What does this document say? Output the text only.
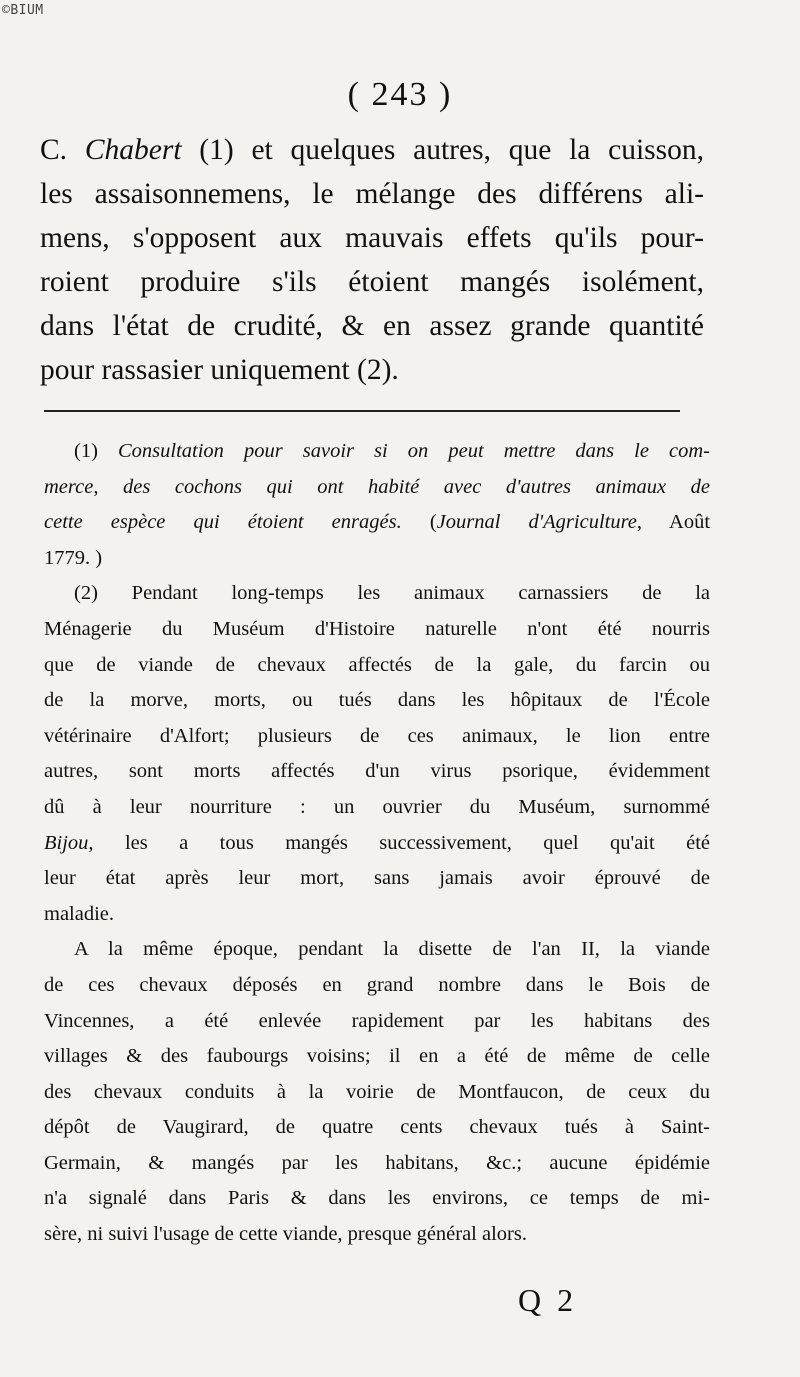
©BIUM
( 243 )

C. Chabert (1) et quelques autres, que la cuisson,

les assaisonnemens, le mélange des différens ali-

mens, s'opposent aux mauvais effets qu'ils pour-

roient produire s'ils étoient mangés isolément,

dans l'état de crudité, & en assez grande quantité

pour rassasier uniquement (2).

(1) Consultation pour savoir si on peut mettre dans le com-

merce, des cochons qui ont habité avec d'autres animaux de

cette espèce qui étoient enragés. (Journal d'Agriculture, Août

1779. )

(2) Pendant long-temps les animaux carnassiers de la

Ménagerie du Muséum d'Histoire naturelle n'ont été nourris

que de viande de chevaux affectés de la gale, du farcin ou

de la morve, morts, ou tués dans les hôpitaux de l'École

vétérinaire d'Alfort; plusieurs de ces animaux, le lion entre

autres, sont morts affectés d'un virus psorique, évidemment

dû à leur nourriture : un ouvrier du Muséum, surnommé

Bijou, les a tous mangés successivement, quel qu'ait été

leur état après leur mort, sans jamais avoir éprouvé de

maladie.

A la même époque, pendant la disette de l'an II, la viande

de ces chevaux déposés en grand nombre dans le Bois de

Vincennes, a été enlevée rapidement par les habitans des

villages & des faubourgs voisins; il en a été de même de celle

des chevaux conduits à la voirie de Montfaucon, de ceux du

dépôt de Vaugirard, de quatre cents chevaux tués à Saint-

Germain, & mangés par les habitans, &c.; aucune épidémie

n'a signalé dans Paris & dans les environs, ce temps de mi-

sère, ni suivi l'usage de cette viande, presque général alors.

Q 2
